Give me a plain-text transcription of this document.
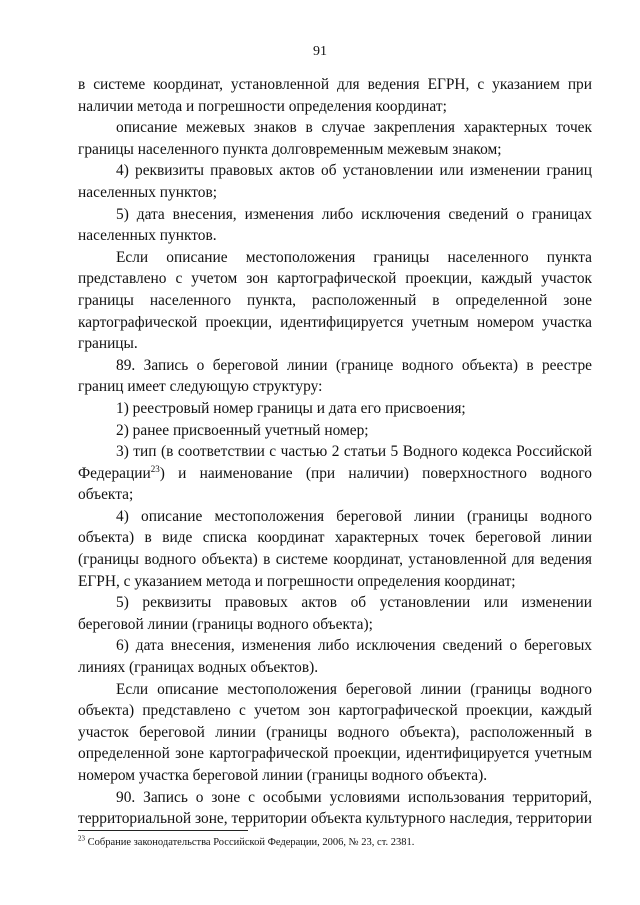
91

в системе координат, установленной для ведения ЕГРН, с указанием при наличии метода и погрешности определения координат;

описание межевых знаков в случае закрепления характерных точек границы населенного пункта долговременным межевым знаком;

4) реквизиты правовых актов об установлении или изменении границ населенных пунктов;

5) дата внесения, изменения либо исключения сведений о границах населенных пунктов.

Если описание местоположения границы населенного пункта представлено с учетом зон картографической проекции, каждый участок границы населенного пункта, расположенный в определенной зоне картографической проекции, идентифицируется учетным номером участка границы.

89. Запись о береговой линии (границе водного объекта) в реестре границ имеет следующую структуру:

1) реестровый номер границы и дата его присвоения;

2) ранее присвоенный учетный номер;

3) тип (в соответствии с частью 2 статьи 5 Водного кодекса Российской Федерации$^{23}$) и наименование (при наличии) поверхностного водного объекта;

4) описание местоположения береговой линии (границы водного объекта) в виде списка координат характерных точек береговой линии (границы водного объекта) в системе координат, установленной для ведения ЕГРН, с указанием метода и погрешности определения координат;

5) реквизиты правовых актов об установлении или изменении береговой линии (границы водного объекта);

6) дата внесения, изменения либо исключения сведений о береговых линиях (границах водных объектов).

Если описание местоположения береговой линии (границы водного объекта) представлено с учетом зон картографической проекции, каждый участок береговой линии (границы водного объекта), расположенный в определенной зоне картографической проекции, идентифицируется учетным номером участка береговой линии (границы водного объекта).

90. Запись о зоне с особыми условиями использования территорий, территориальной зоне, территории объекта культурного наследия, территории

$^{23}$ Собрание законодательства Российской Федерации, 2006, № 23, ст. 2381.
